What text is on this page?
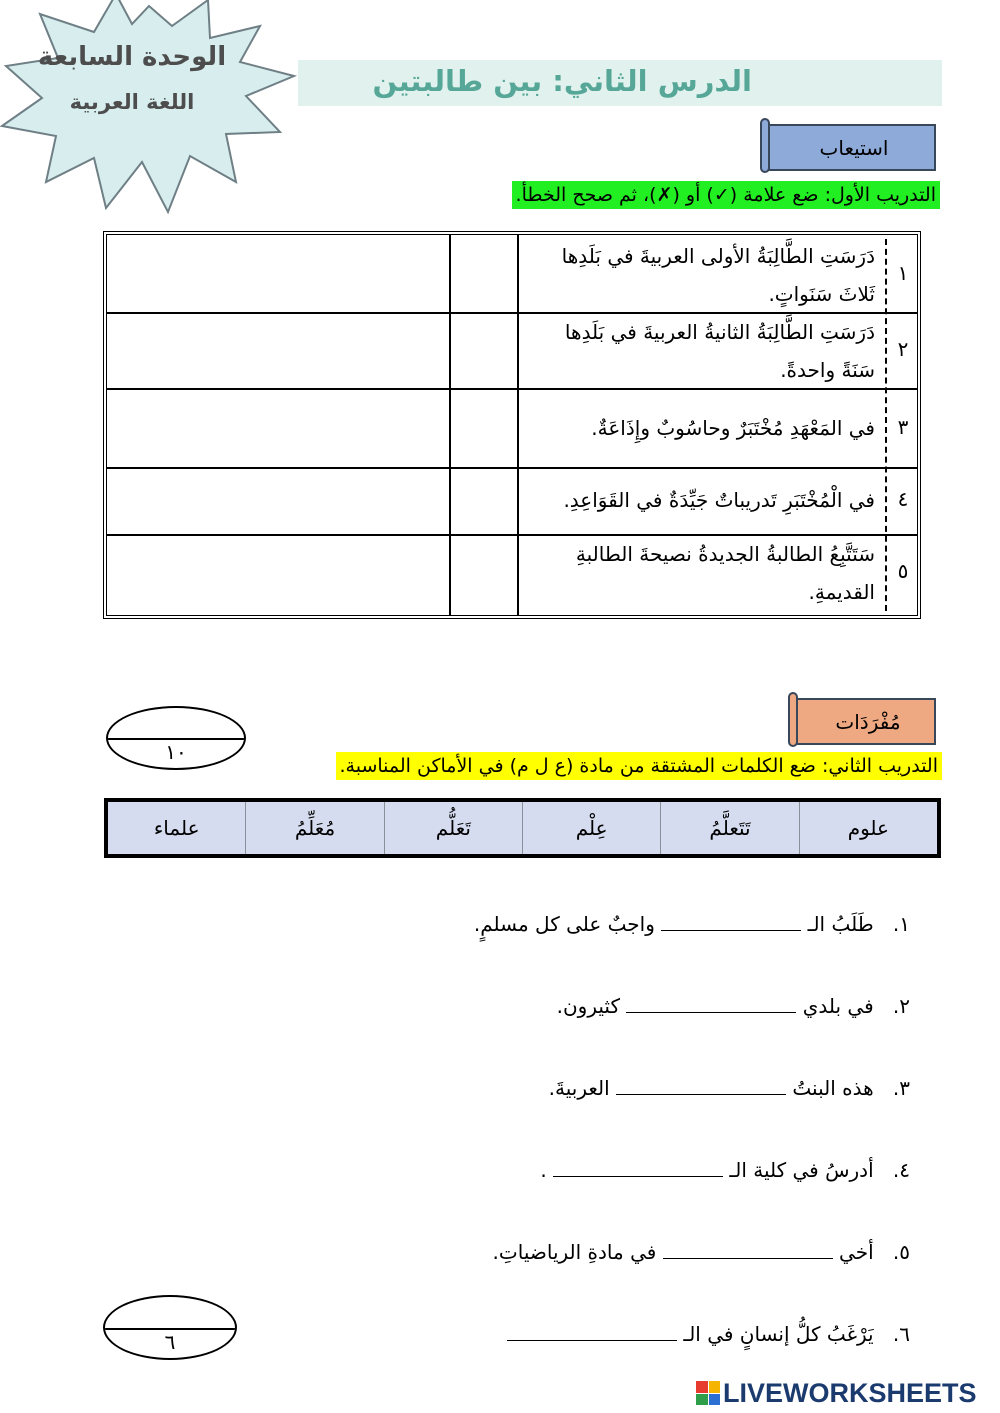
الوحدة السابعة
اللغة العربية
الدرس الثاني: بين طالبتين
استيعاب
التدريب الأول: ضع علامة (✓) أو (✗)، ثم صحح الخطأ.
١
دَرَسَتِ الطَّالِبَةُ الأولى العربيةَ في بَلَدِها ثَلاثَ سَنَواتٍ.
٢
دَرَسَتِ الطَّالِبَةُ الثانيةُ العربيةَ في بَلَدِها سَنَةً واحدةً.
٣
في المَعْهَدِ مُخْتَبَرٌ وحاسُوبٌ وإِذَاعَةٌ.
٤
في الْمُخْتَبَرِ تَدريباتٌ جَيِّدَةٌ في القَوَاعِدِ.
٥
سَتَتَّبِعُ الطالبةُ الجديدةُ نصيحةَ الطالبةِ القديمةِ.
١٠
مُفْرَدَات
التدريب الثاني: ضع الكلمات المشتقة من مادة (ع ل م) في الأماكن المناسبة.
علوم
تَتَعلَّمُ
عِلْم
تَعَلُّم
مُعَلِّمُ
علماء
١. طَلَبُ الـ  واجبٌ على كل مسلمٍ.
٢. في بلدي  كثيرون.
٣. هذه البنتُ  العربيةَ.
٤. أدرسُ في كلية الـ  .
٥. أخي  في مادةِ الرياضياتِ.
٦. يَرْغَبُ كلُّ إنسانٍ في الـ
٦
LIVEWORKSHEETS
